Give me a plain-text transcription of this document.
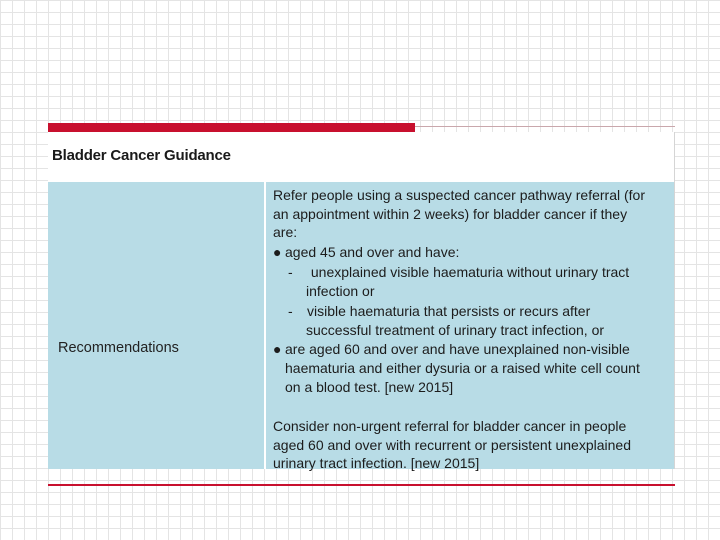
Bladder Cancer Guidance
Recommendations
Refer people using a suspected cancer pathway referral (for
an appointment within 2 weeks) for bladder cancer if they
are:
● aged 45 and over and have:
- unexplained visible haematuria without urinary tract
infection or
- visible haematuria that persists or recurs after
successful treatment of urinary tract infection, or
● are aged 60 and over and have unexplained non-visible
haematuria and either dysuria or a raised white cell count
on a blood test. [new 2015]
Consider non-urgent referral for bladder cancer in people
aged 60 and over with recurrent or persistent unexplained
urinary tract infection. [new 2015]
